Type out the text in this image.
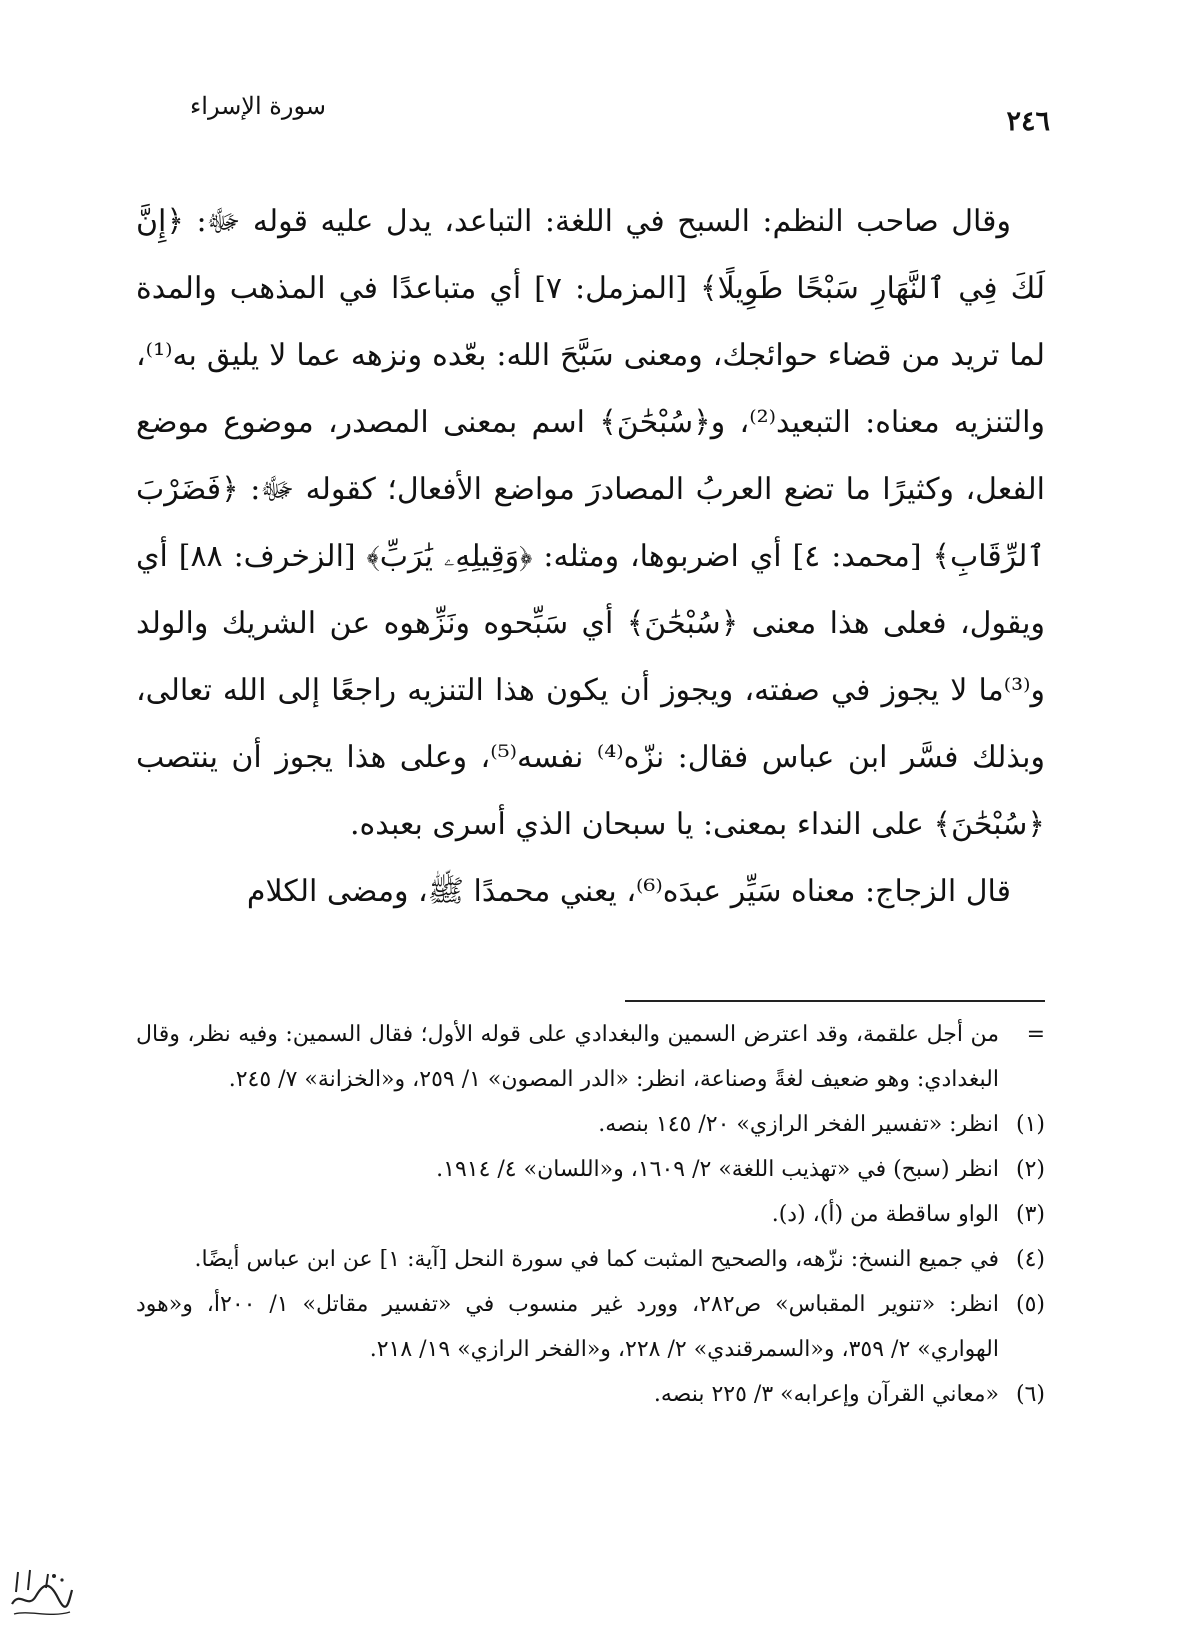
٢٤٦
سورة الإسراء

وقال صاحب النظم: السبح في اللغة: التباعد، يدل عليه قوله ﷻ: ﴿إِنَّ لَكَ فِي ٱلنَّهَارِ سَبْحًا طَوِيلًا﴾ [المزمل: ٧] أي متباعدًا في المذهب والمدة لما تريد من قضاء حوائجك، ومعنى سَبَّحَ الله: بعّده ونزهه عما لا يليق به⁽¹⁾، والتنزيه معناه: التبعيد⁽²⁾، و﴿سُبْحَٰنَ﴾ اسم بمعنى المصدر، موضوع موضع الفعل، وكثيرًا ما تضع العربُ المصادرَ مواضع الأفعال؛ كقوله ﷻ: ﴿فَضَرْبَ ٱلرِّقَابِ﴾ [محمد: ٤] أي اضربوها، ومثله: ﴿وَقِيلِهِۦ يَٰرَبِّ﴾ [الزخرف: ٨٨] أي ويقول، فعلى هذا معنى ﴿سُبْحَٰنَ﴾ أي سَبِّحوه ونَزِّهوه عن الشريك والولد و⁽³⁾ما لا يجوز في صفته، ويجوز أن يكون هذا التنزيه راجعًا إلى الله تعالى، وبذلك فسَّر ابن عباس فقال: نزّه⁽⁴⁾ نفسه⁽⁵⁾، وعلى هذا يجوز أن ينتصب ﴿سُبْحَٰنَ﴾ على النداء بمعنى: يا سبحان الذي أسرى بعبده.

قال الزجاج: معناه سَيِّر عبدَه⁽⁶⁾، يعني محمدًا ﷺ، ومضى الكلام

=
من أجل علقمة، وقد اعترض السمين والبغدادي على قوله الأول؛ فقال السمين: وفيه نظر، وقال البغدادي: وهو ضعيف لغةً وصناعة، انظر: «الدر المصون» ١/ ٢٥٩، و«الخزانة» ٧/ ٢٤٥.
(١)
انظر: «تفسير الفخر الرازي» ٢٠/ ١٤٥ بنصه.
(٢)
انظر (سبح) في «تهذيب اللغة» ٢/ ١٦٠٩، و«اللسان» ٤/ ١٩١٤.
(٣)
الواو ساقطة من (أ)، (د).
(٤)
في جميع النسخ: نزّهه، والصحيح المثبت كما في سورة النحل [آية: ١] عن ابن عباس أيضًا.
(٥)
انظر: «تنوير المقباس» ص٢٨٢، وورد غير منسوب في «تفسير مقاتل» ١/ ٢٠٠أ، و«هود الهواري» ٢/ ٣٥٩، و«السمرقندي» ٢/ ٢٢٨، و«الفخر الرازي» ١٩/ ٢١٨.
(٦)
«معاني القرآن وإعرابه» ٣/ ٢٢٥ بنصه.
